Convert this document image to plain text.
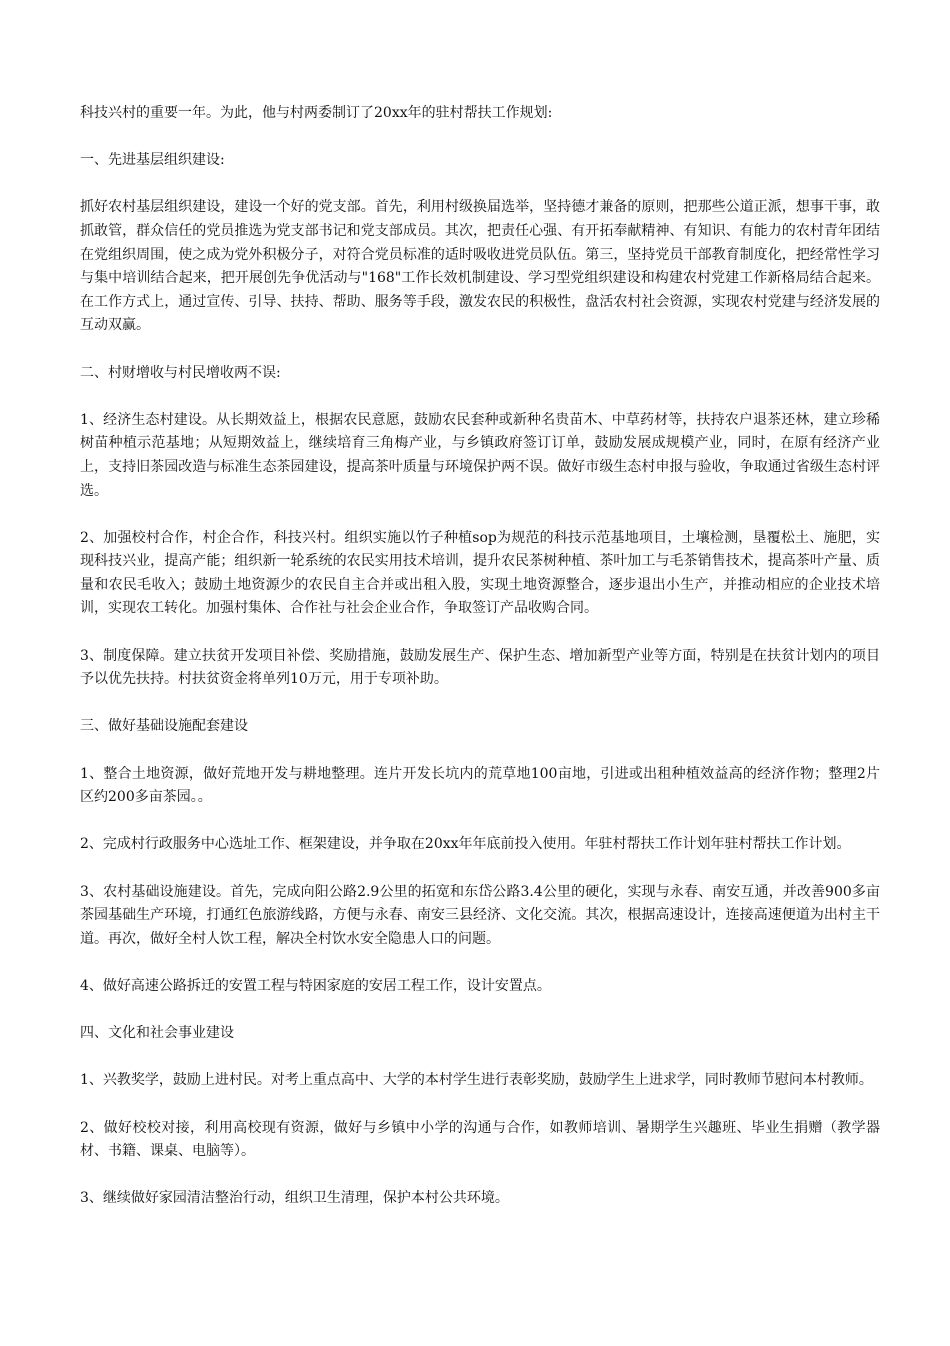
科技兴村的重要一年。为此，他与村两委制订了20xx年的驻村帮扶工作规划:

一、先进基层组织建设:

抓好农村基层组织建设，建设一个好的党支部。首先，利用村级换届选举，坚持德才兼备的原则，把那些公道正派，想事干事，敢抓敢管，群众信任的党员推选为党支部书记和党支部成员。其次，把责任心强、有开拓奉献精神、有知识、有能力的农村青年团结在党组织周围，使之成为党外积极分子，对符合党员标准的适时吸收进党员队伍。第三，坚持党员干部教育制度化，把经常性学习与集中培训结合起来，把开展创先争优活动与"168"工作长效机制建设、学习型党组织建设和构建农村党建工作新格局结合起来。在工作方式上，通过宣传、引导、扶持、帮助、服务等手段，激发农民的积极性，盘活农村社会资源，实现农村党建与经济发展的互动双赢。

二、村财增收与村民增收两不误:

1、经济生态村建设。从长期效益上，根据农民意愿，鼓励农民套种或新种名贵苗木、中草药材等，扶持农户退茶还林，建立珍稀树苗种植示范基地；从短期效益上，继续培育三角梅产业，与乡镇政府签订订单，鼓励发展成规模产业，同时，在原有经济产业上，支持旧茶园改造与标准生态茶园建设，提高茶叶质量与环境保护两不误。做好市级生态村申报与验收，争取通过省级生态村评选。

2、加强校村合作，村企合作，科技兴村。组织实施以竹子种植sop为规范的科技示范基地项目，土壤检测，垦覆松土、施肥，实现科技兴业，提高产能；组织新一轮系统的农民实用技术培训，提升农民茶树种植、茶叶加工与毛茶销售技术，提高茶叶产量、质量和农民毛收入；鼓励土地资源少的农民自主合并或出租入股，实现土地资源整合，逐步退出小生产，并推动相应的企业技术培训，实现农工转化。加强村集体、合作社与社会企业合作，争取签订产品收购合同。

3、制度保障。建立扶贫开发项目补偿、奖励措施，鼓励发展生产、保护生态、增加新型产业等方面，特别是在扶贫计划内的项目予以优先扶持。村扶贫资金将单列10万元，用于专项补助。

三、做好基础设施配套建设

1、整合土地资源，做好荒地开发与耕地整理。连片开发长坑内的荒草地100亩地，引进或出租种植效益高的经济作物；整理2片区约200多亩茶园。。

2、完成村行政服务中心选址工作、框架建设，并争取在20xx年年底前投入使用。年驻村帮扶工作计划年驻村帮扶工作计划。

3、农村基础设施建设。首先，完成向阳公路2.9公里的拓宽和东岱公路3.4公里的硬化，实现与永春、南安互通，并改善900多亩茶园基础生产环境，打通红色旅游线路，方便与永春、南安三县经济、文化交流。其次，根据高速设计，连接高速便道为出村主干道。再次，做好全村人饮工程，解决全村饮水安全隐患人口的问题。

4、做好高速公路拆迁的安置工程与特困家庭的安居工程工作，设计安置点。

四、文化和社会事业建设

1、兴教奖学，鼓励上进村民。对考上重点高中、大学的本村学生进行表彰奖励，鼓励学生上进求学，同时教师节慰问本村教师。

2、做好校校对接，利用高校现有资源，做好与乡镇中小学的沟通与合作，如教师培训、暑期学生兴趣班、毕业生捐赠（教学器材、书籍、课桌、电脑等）。

3、继续做好家园清洁整治行动，组织卫生清理，保护本村公共环境。
